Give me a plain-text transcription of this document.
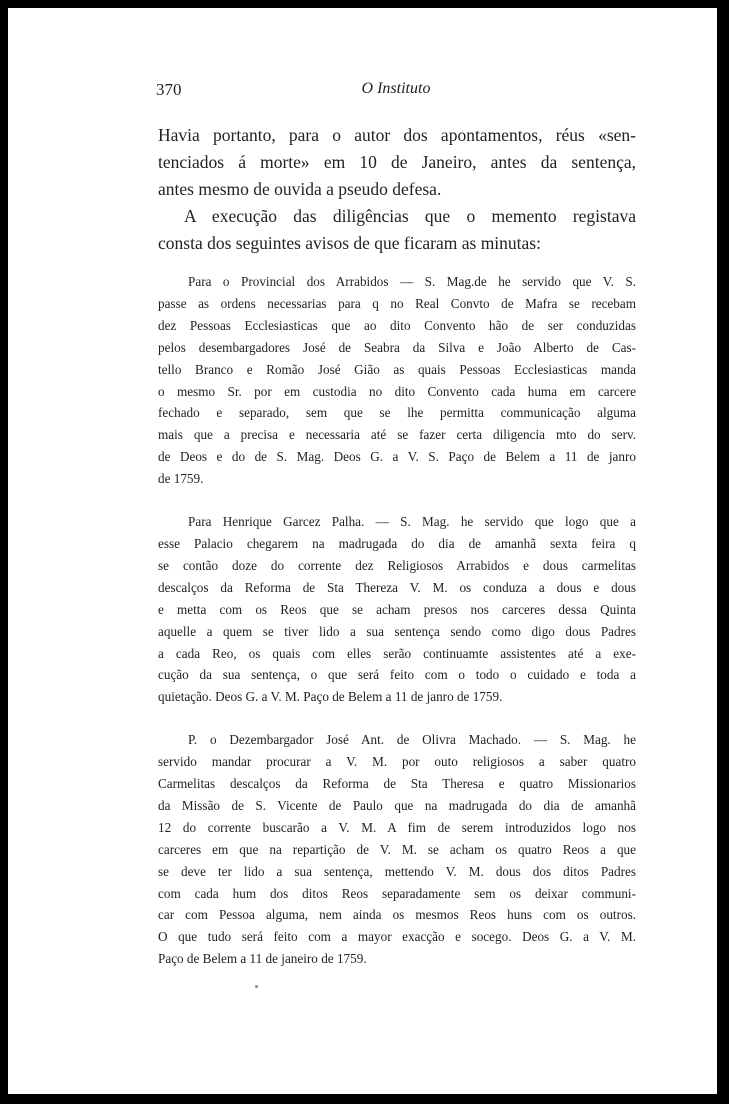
370	O Instituto

Havia portanto, para o autor dos apontamentos, réus «sen-
tenciados á morte» em 10 de Janeiro, antes da sentença,
antes mesmo de ouvida a pseudo defesa.

A execução das diligências que o memento registava
consta dos seguintes avisos de que ficaram as minutas:

Para o Provincial dos Arrabidos — S. Mag.de he servido que V. S.
passe as ordens necessarias para q no Real Convto de Mafra se recebam
dez Pessoas Ecclesiasticas que ao dito Convento hão de ser conduzidas
pelos desembargadores José de Seabra da Silva e João Alberto de Cas-
tello Branco e Romão José Gião as quais Pessoas Ecclesiasticas manda
o mesmo Sr. por em custodia no dito Convento cada huma em carcere
fechado e separado, sem que se lhe permitta communicação alguma
mais que a precisa e necessaria até se fazer certa diligencia mto do serv.
de Deos e do de S. Mag. Deos G. a V. S. Paço de Belem a 11 de janro
de 1759.

Para Henrique Garcez Palha. — S. Mag. he servido que logo que a
esse Palacio chegarem na madrugada do dia de amanhã sexta feira q
se contão doze do corrente dez Religiosos Arrabidos e dous carmelitas
descalços da Reforma de Sta Thereza V. M. os conduza a dous e dous
e metta com os Reos que se acham presos nos carceres dessa Quinta
aquelle a quem se tiver lido a sua sentença sendo como digo dous Padres
a cada Reo, os quais com elles serão continuamte assistentes até a exe-
cução da sua sentença, o que será feito com o todo o cuidado e toda a
quietação. Deos G. a V. M. Paço de Belem a 11 de janro de 1759.

P. o Dezembargador José Ant. de Olivra Machado. — S. Mag. he
servido mandar procurar a V. M. por outo religiosos a saber quatro
Carmelitas descalços da Reforma de Sta Theresa e quatro Missionarios
da Missão de S. Vicente de Paulo que na madrugada do dia de amanhã
12 do corrente buscarão a V. M. A fim de serem introduzidos logo nos
carceres em que na repartição de V. M. se acham os quatro Reos a que
se deve ter lido a sua sentença, mettendo V. M. dous dos ditos Padres
com cada hum dos ditos Reos separadamente sem os deixar communi-
car com Pessoa alguma, nem ainda os mesmos Reos huns com os outros.
O que tudo será feito com a mayor exacção e socego. Deos G. a V. M.
Paço de Belem a 11 de janeiro de 1759.
